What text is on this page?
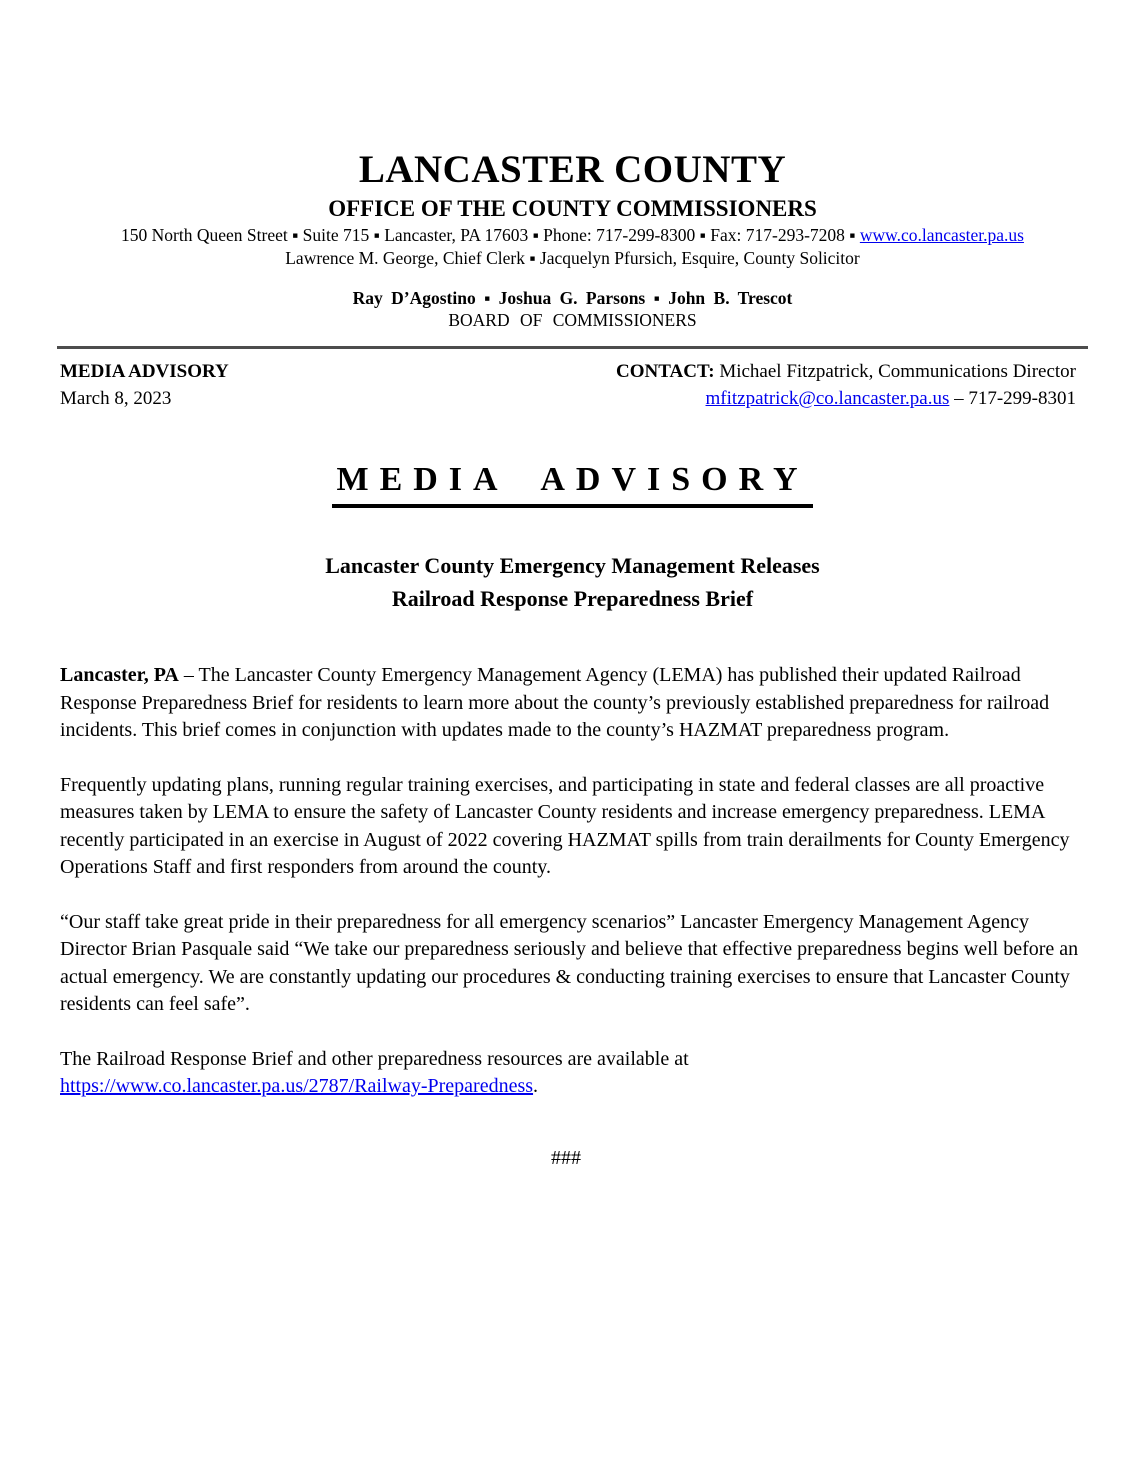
LANCASTER COUNTY
OFFICE OF THE COUNTY COMMISSIONERS
150 North Queen Street ▪ Suite 715 ▪ Lancaster, PA 17603 ▪ Phone: 717-299-8300 ▪ Fax: 717-293-7208 ▪ www.co.lancaster.pa.us
Lawrence M. George, Chief Clerk ▪ Jacquelyn Pfursich, Esquire, County Solicitor
Ray D’Agostino ▪ Joshua G. Parsons ▪ John B. Trescot
BOARD OF COMMISSIONERS
MEDIA ADVISORY
March 8, 2023
CONTACT: Michael Fitzpatrick, Communications Director
mfitzpatrick@co.lancaster.pa.us – 717-299-8301
MEDIA ADVISORY
Lancaster County Emergency Management Releases
Railroad Response Preparedness Brief

Lancaster, PA – The Lancaster County Emergency Management Agency (LEMA) has published their updated Railroad Response Preparedness Brief for residents to learn more about the county’s previously established preparedness for railroad incidents. This brief comes in conjunction with updates made to the county’s HAZMAT preparedness program.

Frequently updating plans, running regular training exercises, and participating in state and federal classes are all proactive measures taken by LEMA to ensure the safety of Lancaster County residents and increase emergency preparedness. LEMA recently participated in an exercise in August of 2022 covering HAZMAT spills from train derailments for County Emergency Operations Staff and first responders from around the county.

“Our staff take great pride in their preparedness for all emergency scenarios” Lancaster Emergency Management Agency Director Brian Pasquale said “We take our preparedness seriously and believe that effective preparedness begins well before an actual emergency. We are constantly updating our procedures & conducting training exercises to ensure that Lancaster County residents can feel safe”.

The Railroad Response Brief and other preparedness resources are available at
https://www.co.lancaster.pa.us/2787/Railway-Preparedness.

###
